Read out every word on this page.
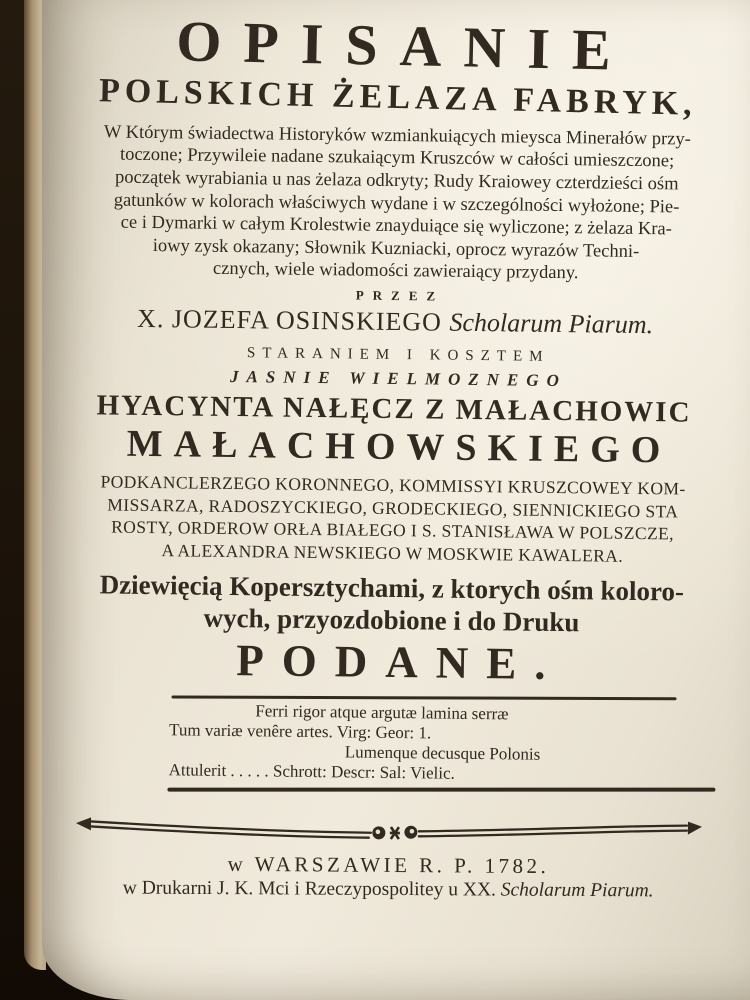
OPISANIE
POLSKICH ŻELAZA FABRYK,
W Którym świadectwa Historyków wzmiankuiących mieysca Minerałów przy-
toczone; Przywileie nadane szukaiącym Kruszców w całości umieszczone;
początek wyrabiania u nas żelaza odkryty; Rudy Kraiowey czterdzieści ośm
gatunków w kolorach właściwych wydane i w szczególności wyłożone; Pie-
ce i Dymarki w całym Krolestwie znayduiące się wyliczone; z żelaza Kra-
iowy zysk okazany; Słownik Kuzniacki, oprocz wyrazów Techni-
cznych, wiele wiadomości zawieraiący przydany.
PRZEZ
X. JOZEFA OSINSKIEGO Scholarum Piarum.
STARANIEM I KOSZTEM
JASNIE WIELMOZNEGO
HYACYNTA NAŁĘCZ Z MAŁACHOWIC
MAŁACHOWSKIEGO
PODKANCLERZEGO KORONNEGO, KOMMISSYI KRUSZCOWEY KOM-
MISSARZA, RADOSZYCKIEGO, GRODECKIEGO, SIENNICKIEGO STA
ROSTY, ORDEROW ORŁA BIAŁEGO I S. STANISŁAWA W POLSZCZE,
A ALEXANDRA NEWSKIEGO W MOSKWIE KAWALERA.
Dziewięcią Kopersztychami, z ktorych ośm koloro-
wych, przyozdobione i do Druku
PODANE.
Ferri rigor atque argutæ lamina serræ
Tum variæ venêre artes. Virg: Geor: 1.
Lumenque decusque Polonis
Attulerit . . . . . Schrott: Descr: Sal: Vielic.
w WARSZAWIE R. P. 1782.
w Drukarni J. K. Mci i Rzeczypospolitey u XX. Scholarum Piarum.
